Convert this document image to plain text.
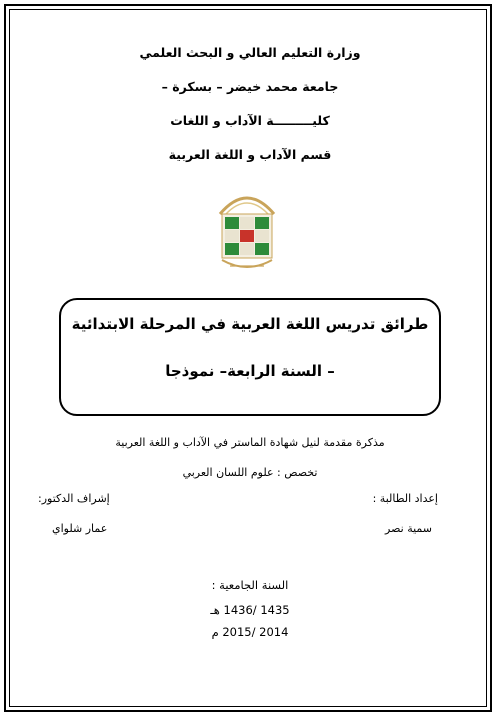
وزارة التعليم العالي و البحث العلمي
جامعة محمد خيضر – بسكرة –
كليـــــــــة الآداب و اللغات
قسم الآداب و اللغة العربية
طرائق تدريس اللغة العربية في المرحلة الابتدائية
– السنة الرابعة– نموذجا
مذكرة مقدمة لنيل شهادة الماستر في الآداب و اللغة العربية
تخصص : علوم اللسان العربي
إعداد الطالبة :
سمية نصر
إشراف الدكتور:
عمار شلواي
السنة الجامعية :
1435 /1436 هـ
2014 /2015 م
